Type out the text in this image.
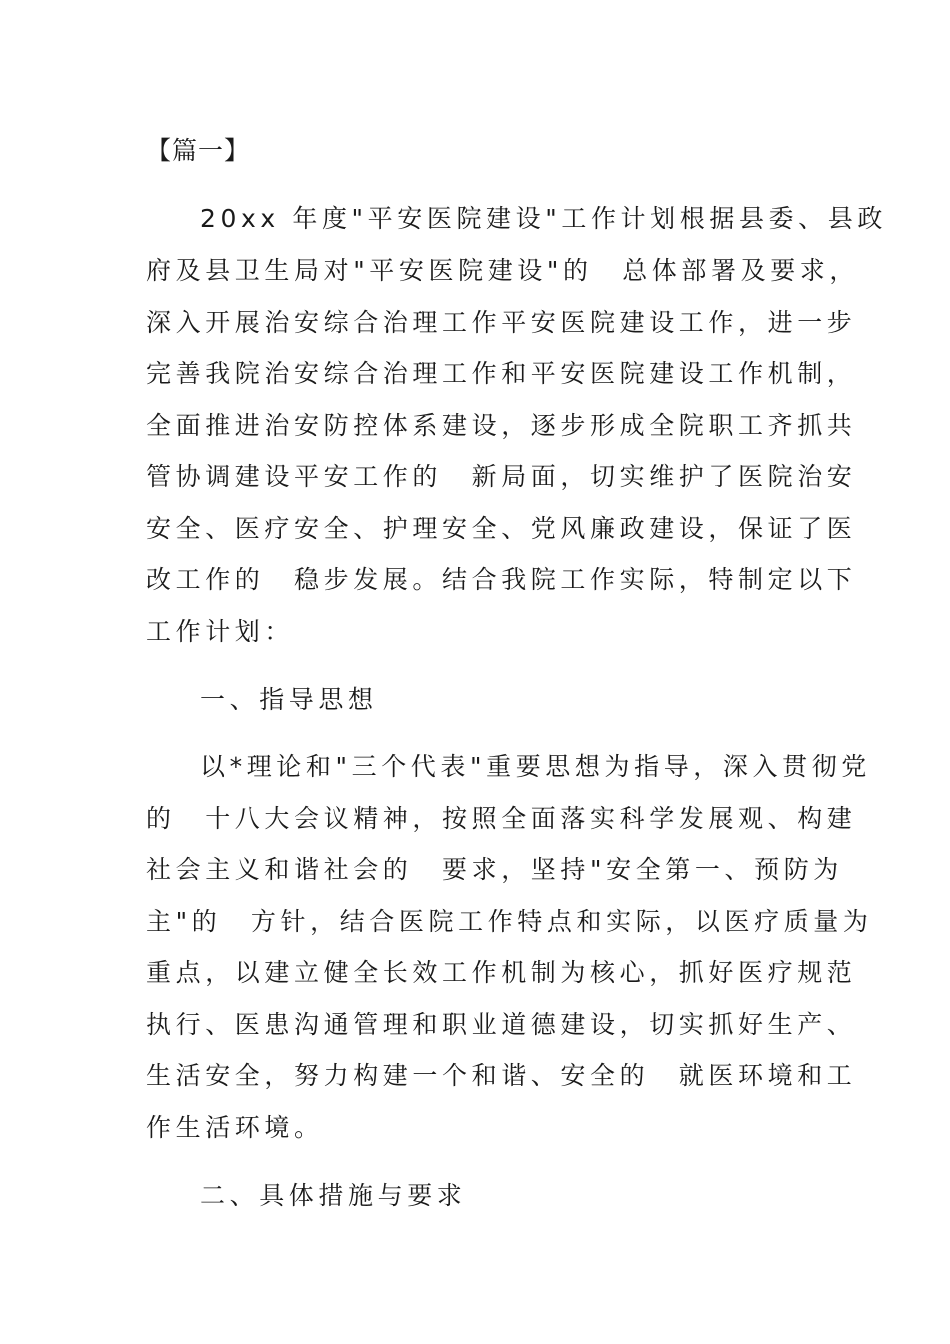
【篇一】
20xx 年度"平安医院建设"工作计划根据县委、县政
府及县卫生局对"平安医院建设"的　总体部署及要求，
深入开展治安综合治理工作平安医院建设工作，进一步
完善我院治安综合治理工作和平安医院建设工作机制，
全面推进治安防控体系建设，逐步形成全院职工齐抓共
管协调建设平安工作的　新局面，切实维护了医院治安
安全、医疗安全、护理安全、党风廉政建设，保证了医
改工作的　稳步发展。结合我院工作实际，特制定以下
工作计划：
一、指导思想
以*理论和"三个代表"重要思想为指导，深入贯彻党
的　十八大会议精神，按照全面落实科学发展观、构建
社会主义和谐社会的　要求，坚持"安全第一、预防为
主"的　方针，结合医院工作特点和实际，以医疗质量为
重点，以建立健全长效工作机制为核心，抓好医疗规范
执行、医患沟通管理和职业道德建设，切实抓好生产、
生活安全，努力构建一个和谐、安全的　就医环境和工
作生活环境。
二、具体措施与要求
